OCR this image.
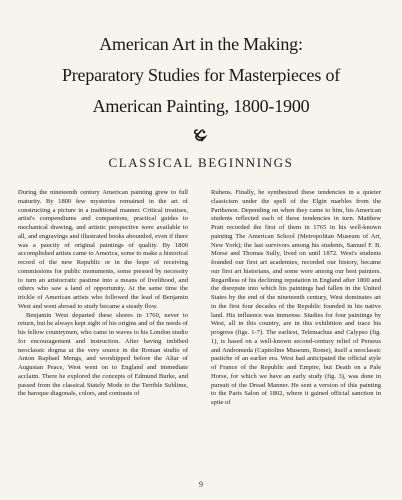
American Art in the Making:
Preparatory Studies for Masterpieces of
American Painting, 1800-1900
CLASSICAL BEGINNINGS

During the nineteenth century American painting grew to full maturity. By 1800 few mysteries remained in the art of constructing a picture in a traditional manner. Critical treatises, artist's compendiums and companions, practical guides to mechanical drawing, and artistic perspective were available to all, and engravings and illustrated books abounded, even if there was a paucity of original paintings of quality. By 1800 accomplished artists came to America, some to make a historical record of the new Republic or in the hope of receiving commissions for public monuments, some pressed by necessity to turn an aristocratic pastime into a means of livelihood, and others who saw a land of opportunity. At the same time the trickle of American artists who followed the lead of Benjamin West and went abroad to study became a steady flow.

Benjamin West departed these shores in 1760, never to return, but he always kept sight of his origins and of the needs of his fellow countrymen, who came in waves to his London studio for encouragement and instruction. After having imbibed neoclassic dogma at the very source in the Roman studio of Anton Raphael Mengs, and worshipped before the Altar of Augustan Peace, West went on to England and immediate acclaim. There he explored the concepts of Edmund Burke, and passed from the classical Stately Mode to the Terrible Sublime, the baroque diagonals, colors, and contrasts of

Rubens. Finally, he synthesized these tendencies in a quieter classicism under the spell of the Elgin marbles from the Parthenon. Depending on when they came to him, his American students reflected each of these tendencies in turn. Matthew Pratt recorded the first of them in 1765 in his well-known painting The American School (Metropolitan Museum of Art, New York); the last survivors among his students, Samuel F. B. Morse and Thomas Sully, lived on until 1872. West's students founded our first art academies, recorded our history, became our first art historians, and some were among our best painters. Regardless of his declining reputation in England after 1800 and the disrepute into which his paintings had fallen in the United States by the end of the nineteenth century, West dominates art in the first four decades of the Republic founded in his native land. His influence was immense. Studies for four paintings by West, all in this country, are in this exhibition and trace his progress (figs. 1-7). The earliest, Telemachus and Calypso (fig. 1), is based on a well-known second-century relief of Perseus and Andromeda (Capitoline Museum, Rome), itself a neoclassic pastiche of an earlier era. West had anticipated the official style of France of the Republic and Empire, but Death on a Pale Horse, for which we have an early study (fig. 3), was done in pursuit of the Dread Manner. He sent a version of this painting to the Paris Salon of 1802, where it gained official sanction in spite of

9
